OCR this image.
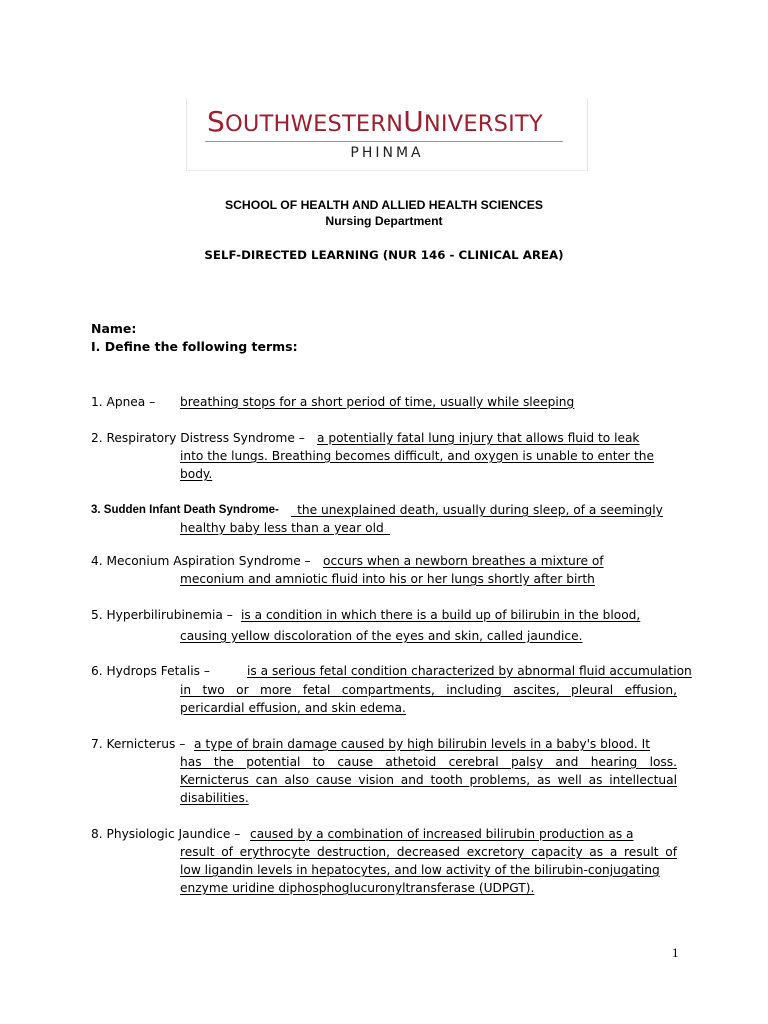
SOUTHWESTERNUNIVERSITY
PHINMA
SCHOOL OF HEALTH AND ALLIED HEALTH SCIENCES
Nursing Department
SELF-DIRECTED LEARNING (NUR 146 - CLINICAL AREA)
Name:
I. Define the following terms:
1. Apnea – breathing stops for a short period of time, usually while sleeping
2. Respiratory Distress Syndrome – a potentially fatal lung injury that allows fluid to leak
into the lungs. Breathing becomes difficult, and oxygen is unable to enter the
body.
3. Sudden Infant Death Syndrome- _the unexplained death, usually during sleep, of a seemingly
healthy baby less than a year old_
4. Meconium Aspiration Syndrome – occurs when a newborn breathes a mixture of
meconium and amniotic fluid into his or her lungs shortly after birth
5. Hyperbilirubinemia – is a condition in which there is a build up of bilirubin in the blood,
causing yellow discoloration of the eyes and skin, called jaundice.
6. Hydrops Fetalis –	is a serious fetal condition characterized by abnormal fluid accumulation
in two or more fetal compartments, including ascites, pleural effusion,
pericardial effusion, and skin edema.
7. Kernicterus – a type of brain damage caused by high bilirubin levels in a baby's blood. It
has the potential to cause athetoid cerebral palsy and hearing loss.
Kernicterus can also cause vision and tooth problems, as well as intellectual
disabilities.
8. Physiologic Jaundice – caused by a combination of increased bilirubin production as a
result of erythrocyte destruction, decreased excretory capacity as a result of
low ligandin levels in hepatocytes, and low activity of the bilirubin-conjugating
enzyme uridine diphosphoglucuronyltransferase (UDPGT).
1
